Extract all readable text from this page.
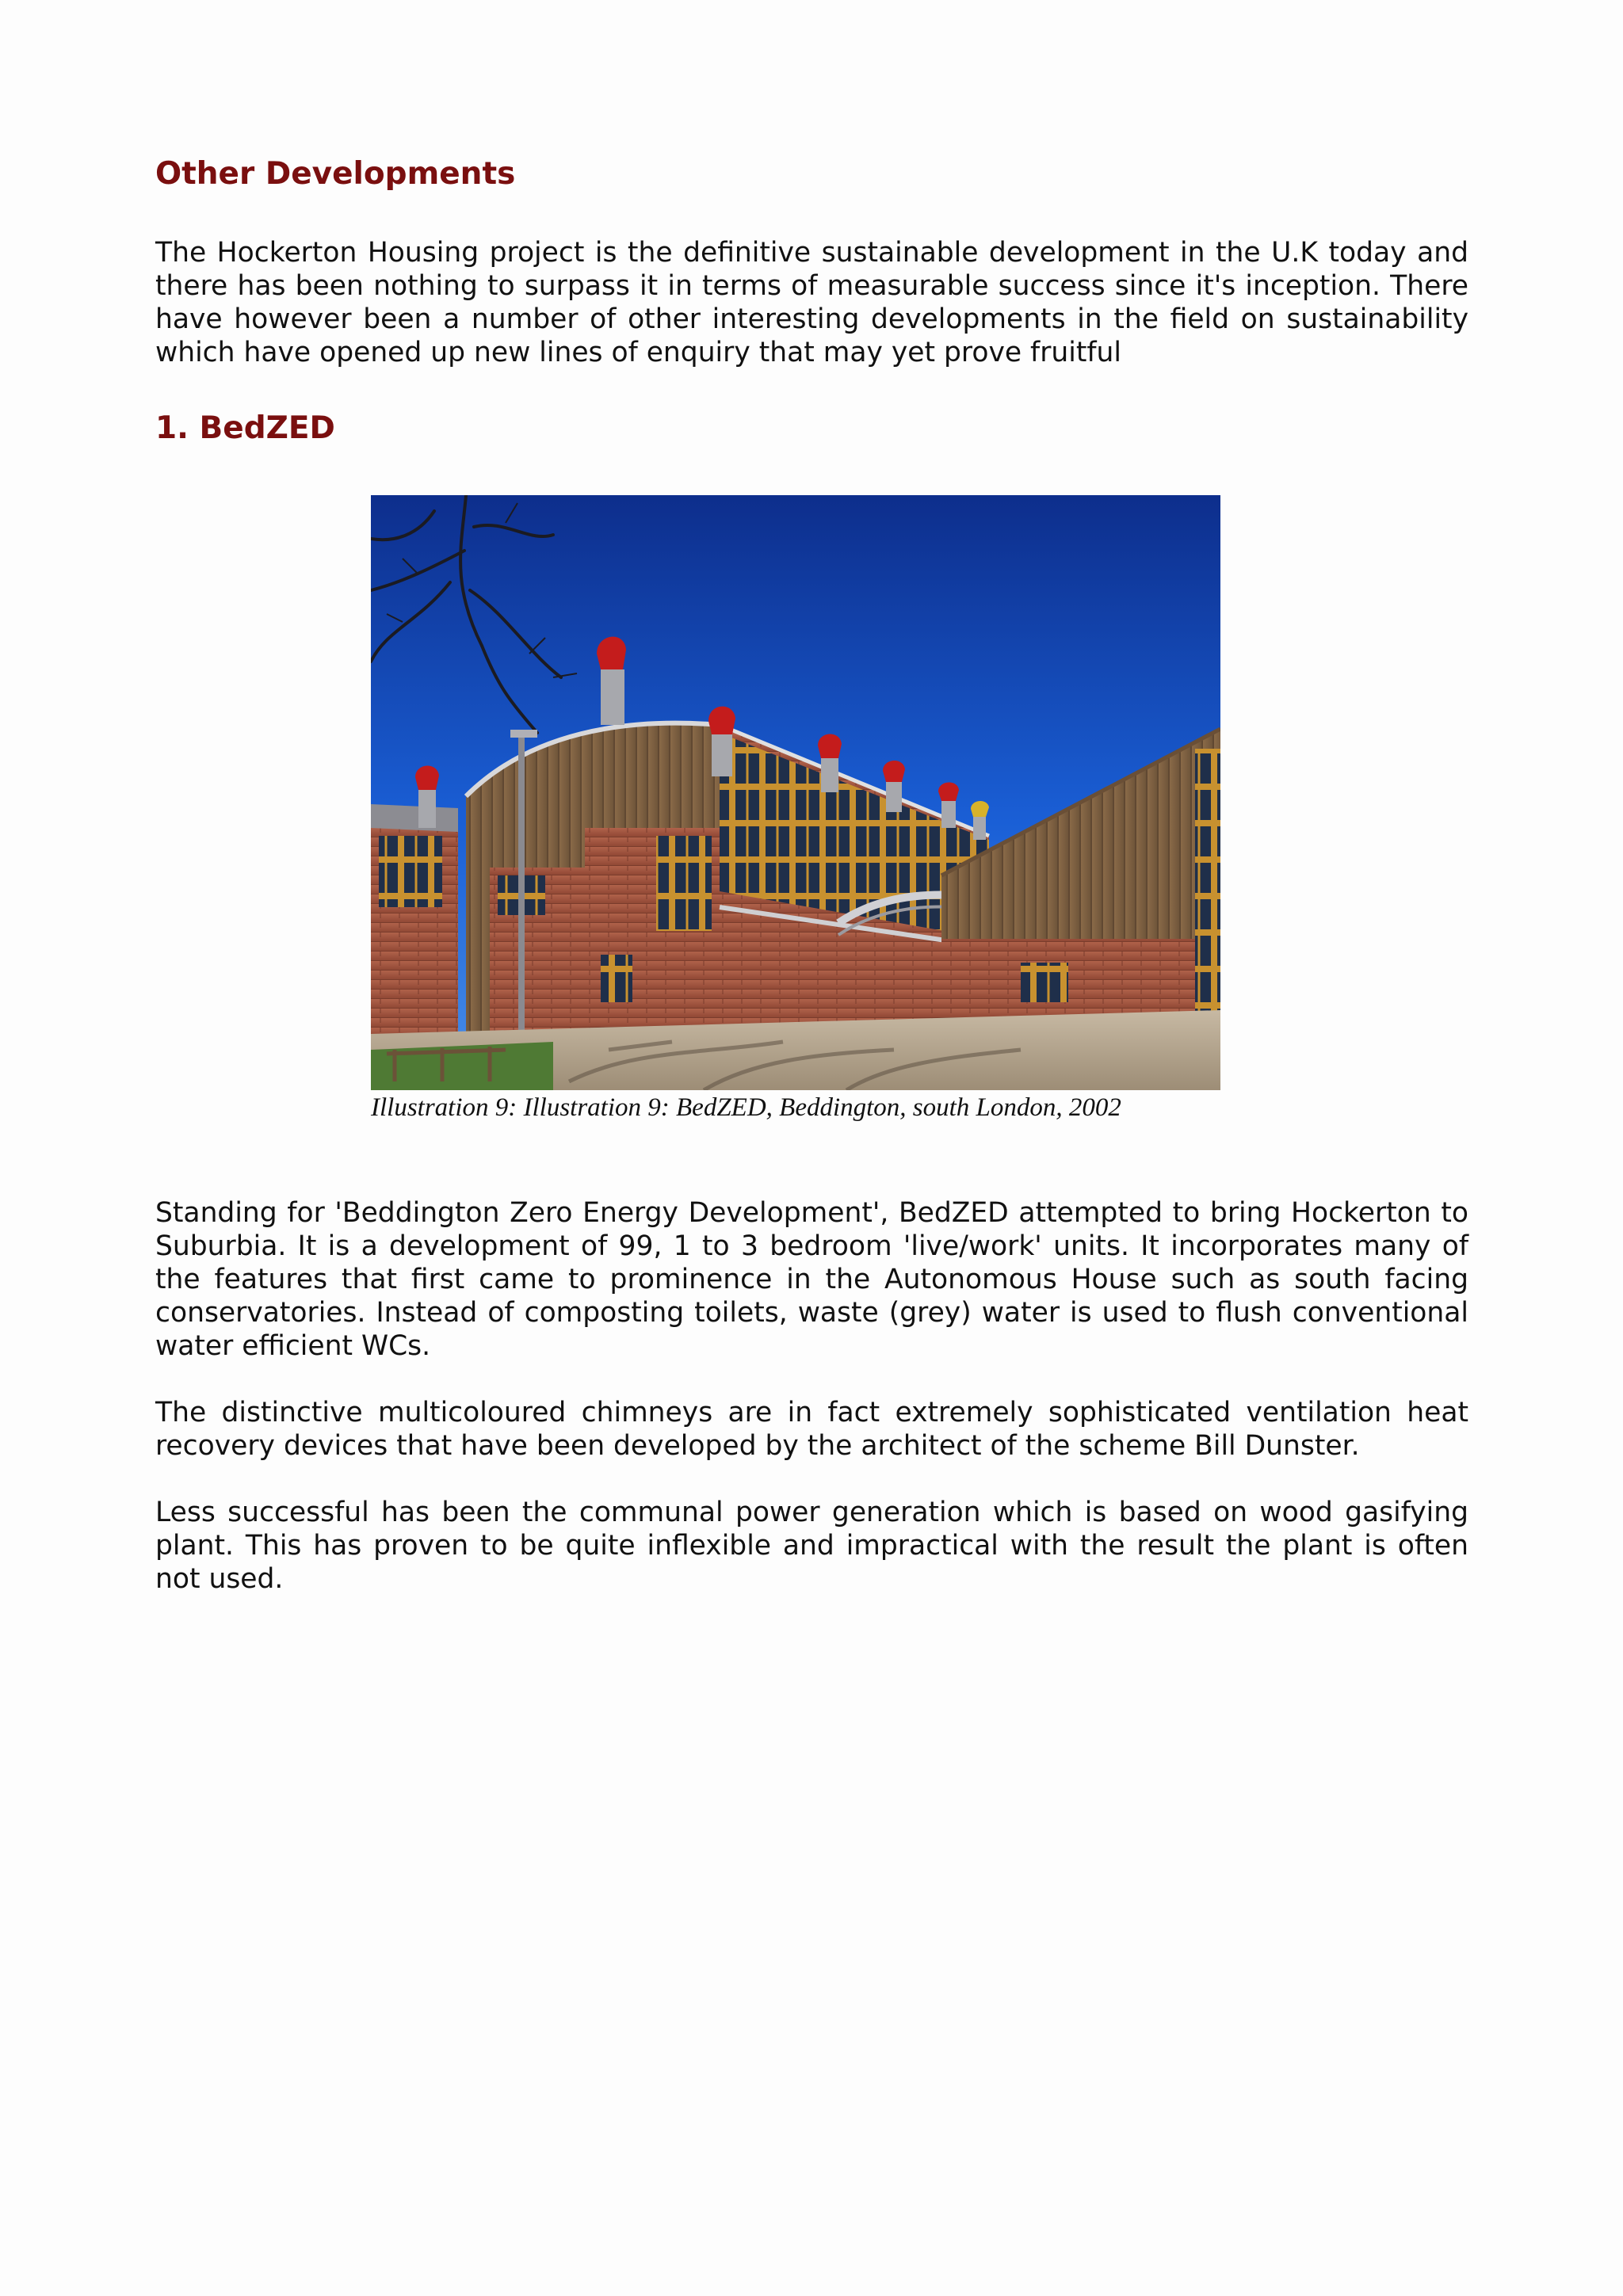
Other Developments

The Hockerton Housing project is the definitive sustainable development in the U.K today and there has been nothing to surpass it in terms of measurable success since it's inception. There have however been a number of other interesting developments in the field on sustainability which have opened up new lines of enquiry that may yet prove fruitful

1. BedZED
Illustration 9: Illustration 9: BedZED, Beddington, south London, 2002

Standing for 'Beddington Zero Energy Development', BedZED attempted to bring Hockerton to Suburbia. It is a development of 99, 1 to 3 bedroom 'live/work' units. It incorporates many of the features that first came to prominence in the Autonomous House such as south facing conservatories. Instead of composting toilets, waste (grey) water is used to flush conventional water efficient WCs.

The distinctive multicoloured chimneys are in fact extremely sophisticated ventilation heat recovery devices that have been developed by the architect of the scheme Bill Dunster.

Less successful has been the communal power generation which is based on wood gasifying plant. This has proven to be quite inflexible and impractical with the result the plant is often not used.
